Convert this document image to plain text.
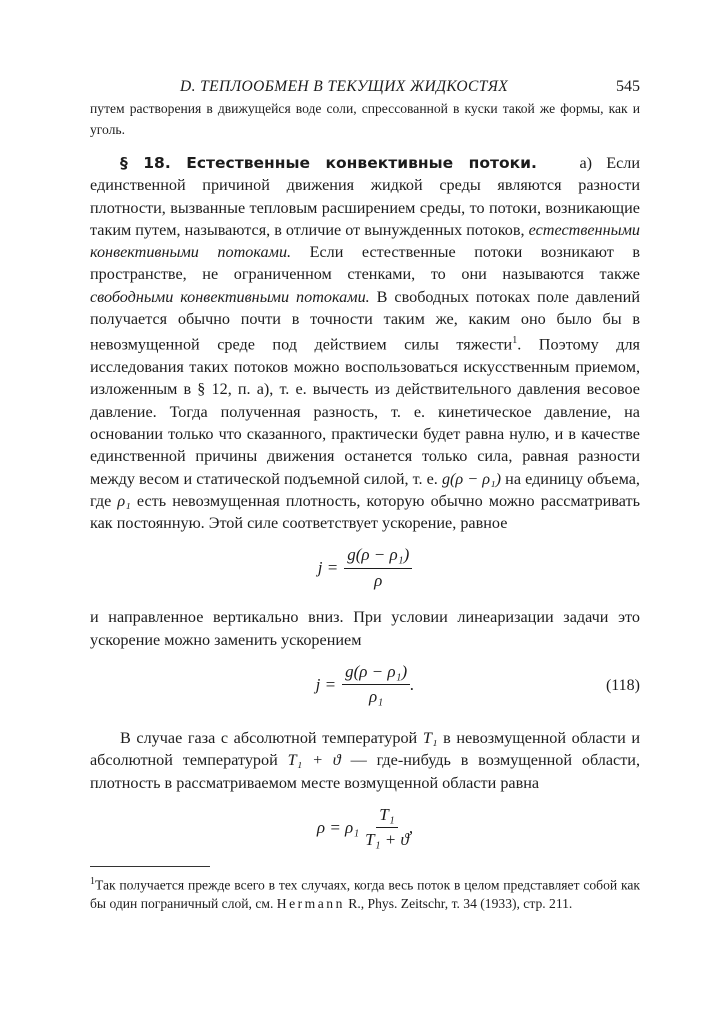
D. ТЕПЛООБМЕН В ТЕКУЩИХ ЖИДКОСТЯХ	545

путем растворения в движущейся воде соли, спрессованной в куски такой же формы, как и уголь.

§ 18. Естественные конвективные потоки.	а) Если единственной причиной движения жидкой среды являются разности плотности, вызванные тепловым расширением среды, то потоки, возникающие таким путем, называются, в отличие от вынужденных потоков, естественными конвективными потоками. Если естественные потоки возникают в пространстве, не ограниченном стенками, то они называются также свободными конвективными потоками. В свободных потоках поле давлений получается обычно почти в точности таким же, каким оно было бы в невозмущенной среде под действием силы тяжести$^1$. Поэтому для исследования таких потоков можно воспользоваться искусственным приемом, изложенным в § 12, п. а), т. е. вычесть из действительного давления весовое давление. Тогда полученная разность, т. е. кинетическое давление, на основании только что сказанного, практически будет равна нулю, и в качестве единственной причины движения останется только сила, равная разности между весом и статической подъемной силой, т. е. g(ρ − ρ₁) на единицу объема, где ρ₁ есть невозмущенная плотность, которую обычно можно рассматривать как постоянную. Этой силе соответствует ускорение, равное

$j = \frac{\text{g(ρ − ρ₁)}}{\rho}$

и направленное вертикально вниз. При условии линеаризации задачи это ускорение можно заменить ускорением

$j = \frac{\text{g(ρ − ρ₁)}}{\text{ρ₁}}$ .	(118)

В случае газа с абсолютной температурой T₁ в невозмущенной области и абсолютной температурой T₁ + ϑ — где-нибудь в возмущенной области, плотность в рассматриваемом месте возмущенной области равна

$\rho = \rho_1 \frac{\text{T₁}}{\text{T₁ + ϑ}}$ ,

$^1$Так получается прежде всего в тех случаях, когда весь поток в целом представляет собой как бы один пограничный слой, см. Hermann R., Phys. Zeitschr, т. 34 (1933), стр. 211.
